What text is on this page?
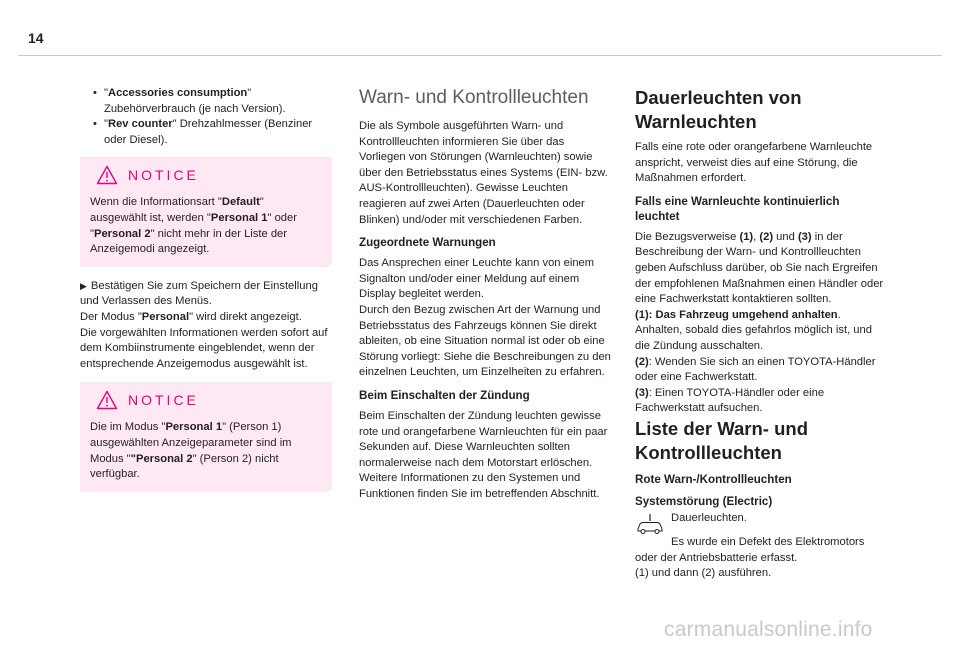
14
• "Accessories consumption" Zubehörverbrauch (je nach Version).
• "Rev counter" Drehzahlmesser (Benziner oder Diesel).
NOTICE

Wenn die Informationsart "Default" ausgewählt ist, werden "Personal 1" oder "Personal 2" nicht mehr in der Liste der Anzeigemodi angezeigt.

▶ Bestätigen Sie zum Speichern der Einstellung und Verlassen des Menüs.

Der Modus "Personal" wird direkt angezeigt.

Die vorgewählten Informationen werden sofort auf dem Kombiinstrumente eingeblendet, wenn der entsprechende Anzeigemodus ausgewählt ist.

NOTICE

Die im Modus "Personal 1" (Person 1) ausgewählten Anzeigeparameter sind im Modus ""Personal 2" (Person 2) nicht verfügbar.

Warn- und Kontrollleuchten

Die als Symbole ausgeführten Warn- und Kontrollleuchten informieren Sie über das Vorliegen von Störungen (Warnleuchten) sowie über den Betriebsstatus eines Systems (EIN- bzw. AUS-Kontrollleuchten). Gewisse Leuchten reagieren auf zwei Arten (Dauerleuchten oder Blinken) und/oder mit verschiedenen Farben.

Zugeordnete Warnungen

Das Ansprechen einer Leuchte kann von einem Signalton und/oder einer Meldung auf einem Display begleitet werden.

Durch den Bezug zwischen Art der Warnung und Betriebsstatus des Fahrzeugs können Sie direkt ableiten, ob eine Situation normal ist oder ob eine Störung vorliegt: Siehe die Beschreibungen zu den einzelnen Leuchten, um Einzelheiten zu erfahren.

Beim Einschalten der Zündung

Beim Einschalten der Zündung leuchten gewisse rote und orangefarbene Warnleuchten für ein paar Sekunden auf. Diese Warnleuchten sollten normalerweise nach dem Motorstart erlöschen.

Weitere Informationen zu den Systemen und Funktionen finden Sie im betreffenden Abschnitt.

Dauerleuchten von Warnleuchten

Falls eine rote oder orangefarbene Warnleuchte anspricht, verweist dies auf eine Störung, die Maßnahmen erfordert.

Falls eine Warnleuchte kontinuierlich leuchtet

Die Bezugsverweise (1), (2) und (3) in der Beschreibung der Warn- und Kontrollleuchten geben Aufschluss darüber, ob Sie nach Ergreifen der empfohlenen Maßnahmen einen Händler oder eine Fachwerkstatt kontaktieren sollten.

(1): Das Fahrzeug umgehend anhalten.

Anhalten, sobald dies gefahrlos möglich ist, und die Zündung ausschalten.

(2): Wenden Sie sich an einen TOYOTA-Händler oder eine Fachwerkstatt.

(3): Einen TOYOTA-Händler oder eine Fachwerkstatt aufsuchen.

Liste der Warn- und Kontrollleuchten
Rote Warn-/Kontrollleuchten
Systemstörung (Electric)

Dauerleuchten.

Es wurde ein Defekt des Elektromotors oder der Antriebsbatterie erfasst.

(1) und dann (2) ausführen.

carmanualsonline.info
